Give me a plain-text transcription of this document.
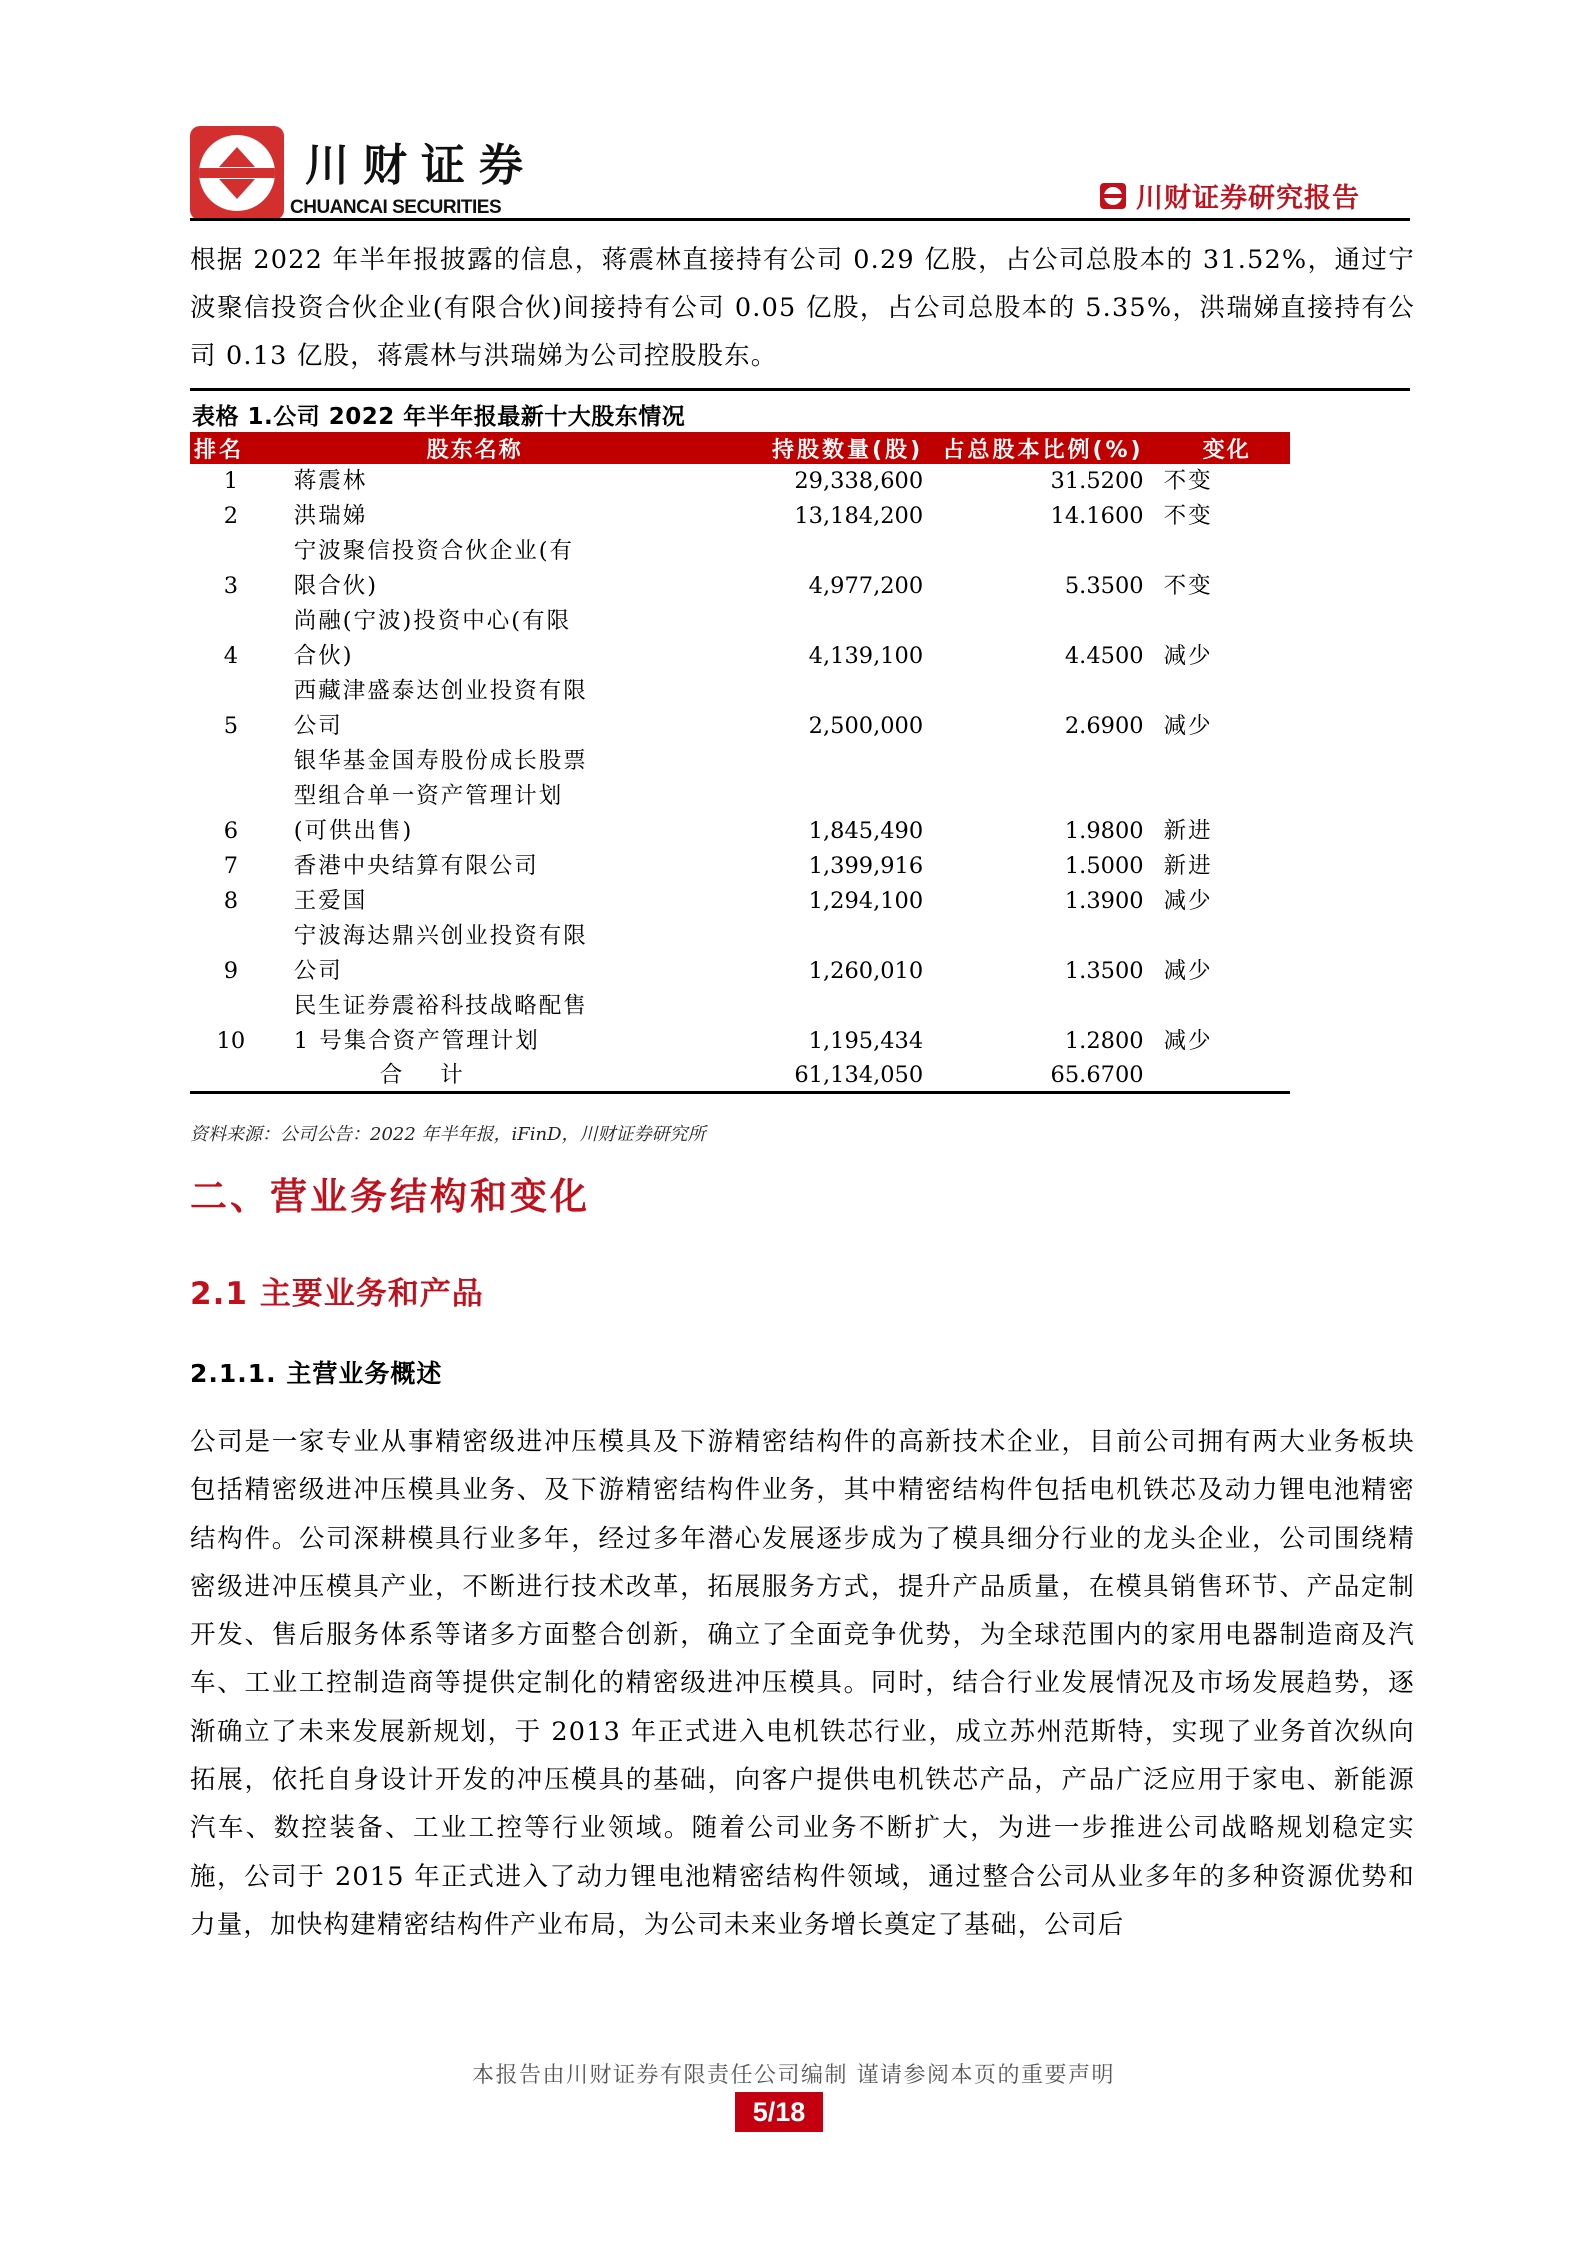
川财证券
CHUANCAI SECURITIES	川财证券研究报告

根据 2022 年半年报披露的信息，蒋震林直接持有公司 0.29 亿股，占公司总股本的 31.52%，通过宁波聚信投资合伙企业(有限合伙)间接持有公司 0.05 亿股，占公司总股本的 5.35%，洪瑞娣直接持有公司 0.13 亿股，蒋震林与洪瑞娣为公司控股股东。

表格 1.公司 2022 年半年报最新十大股东情况
排名	股东名称	持股数量(股)	占总股本比例(%)	变化
1	蒋震林	29,338,600	31.5200	不变
2	洪瑞娣	13,184,200	14.1600	不变
3	宁波聚信投资合伙企业(有限合伙)	4,977,200	5.3500	不变
4	尚融(宁波)投资中心(有限合伙)	4,139,100	4.4500	减少
5	西藏津盛泰达创业投资有限公司	2,500,000	2.6900	减少
6	银华基金国寿股份成长股票型组合单一资产管理计划(可供出售)	1,845,490	1.9800	新进
7	香港中央结算有限公司	1,399,916	1.5000	新进
8	王爱国	1,294,100	1.3900	减少
9	宁波海达鼎兴创业投资有限公司	1,260,010	1.3500	减少
10	民生证券震裕科技战略配售 1 号集合资产管理计划	1,195,434	1.2800	减少
	合计	61,134,050	65.6700	
资料来源：公司公告：2022 年半年报，iFinD，川财证券研究所
二、营业务结构和变化
2.1 主要业务和产品
2.1.1. 主营业务概述

公司是一家专业从事精密级进冲压模具及下游精密结构件的高新技术企业，目前公司拥有两大业务板块包括精密级进冲压模具业务、及下游精密结构件业务，其中精密结构件包括电机铁芯及动力锂电池精密结构件。公司深耕模具行业多年，经过多年潜心发展逐步成为了模具细分行业的龙头企业，公司围绕精密级进冲压模具产业，不断进行技术改革，拓展服务方式，提升产品质量，在模具销售环节、产品定制开发、售后服务体系等诸多方面整合创新，确立了全面竞争优势，为全球范围内的家用电器制造商及汽车、工业工控制造商等提供定制化的精密级进冲压模具。同时，结合行业发展情况及市场发展趋势，逐渐确立了未来发展新规划，于 2013 年正式进入电机铁芯行业，成立苏州范斯特，实现了业务首次纵向拓展，依托自身设计开发的冲压模具的基础，向客户提供电机铁芯产品，产品广泛应用于家电、新能源汽车、数控装备、工业工控等行业领域。随着公司业务不断扩大，为进一步推进公司战略规划稳定实施，公司于 2015 年正式进入了动力锂电池精密结构件领域，通过整合公司从业多年的多种资源优势和力量，加快构建精密结构件产业布局，为公司未来业务增长奠定了基础，公司后

本报告由川财证券有限责任公司编制 谨请参阅本页的重要声明
5/18
